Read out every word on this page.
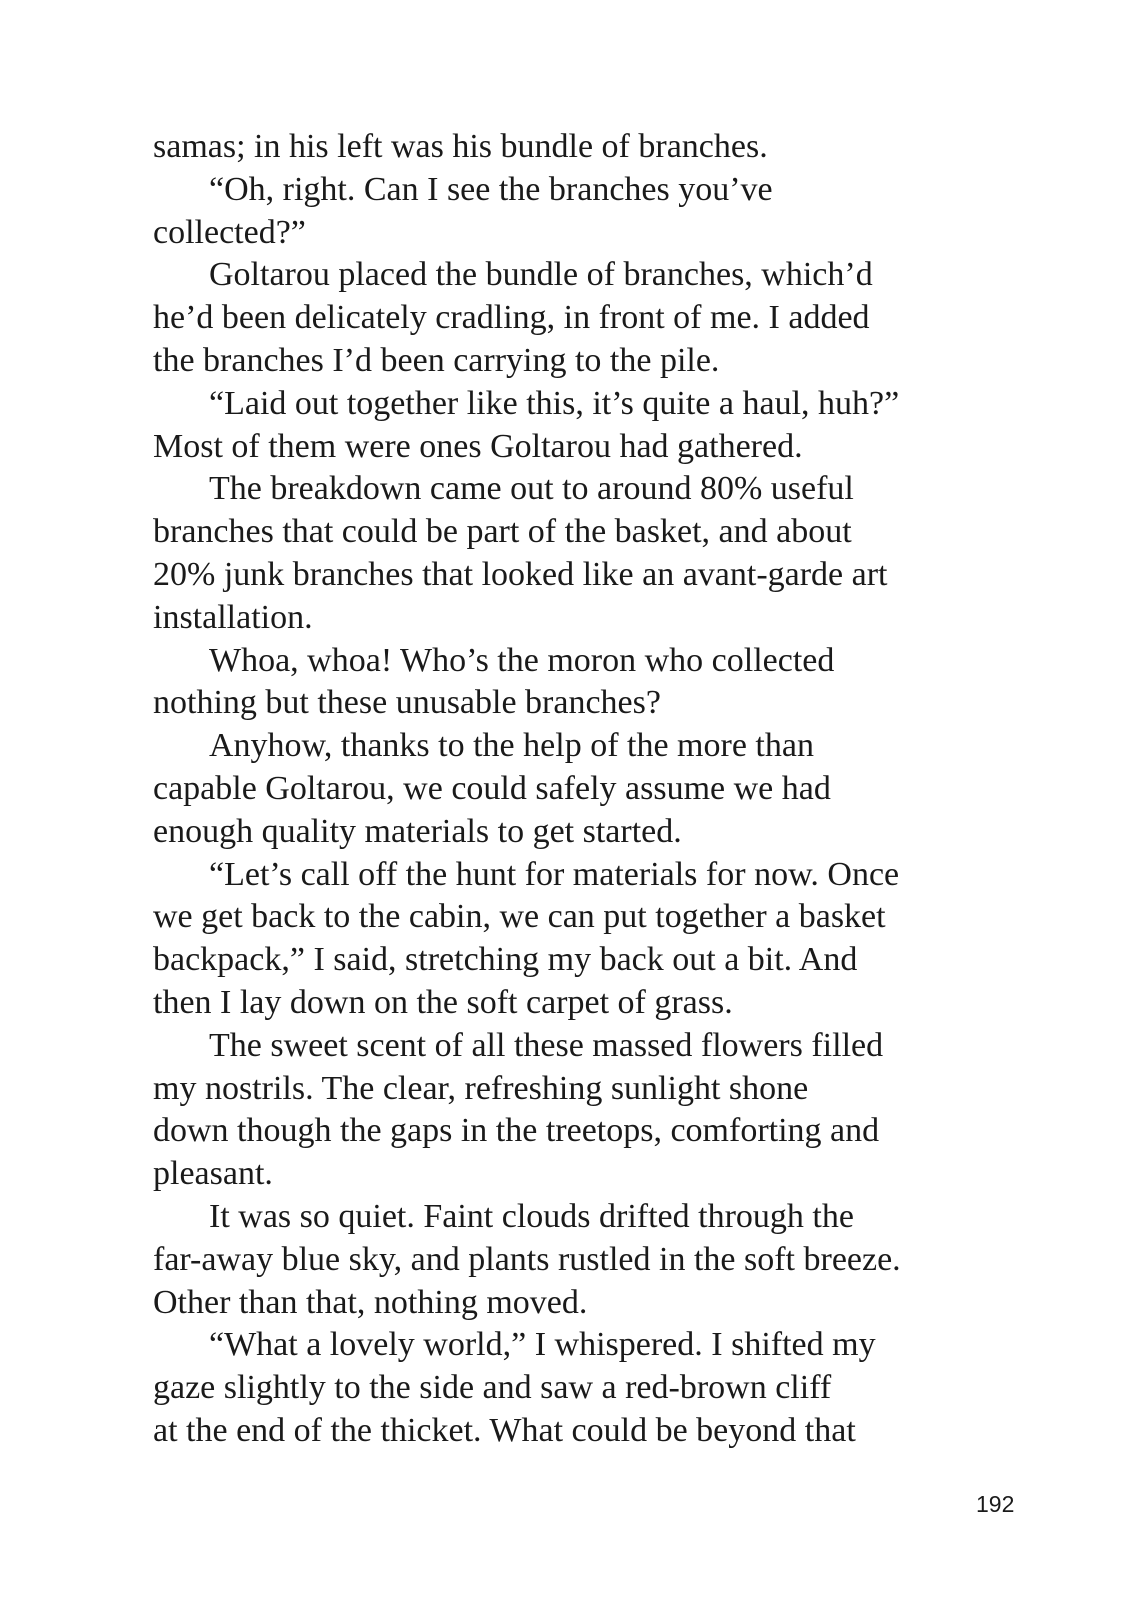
samas; in his left was his bundle of branches.
“Oh, right. Can I see the branches you’ve
collected?”
Goltarou placed the bundle of branches, which’d
he’d been delicately cradling, in front of me. I added
the branches I’d been carrying to the pile.
“Laid out together like this, it’s quite a haul, huh?”
Most of them were ones Goltarou had gathered.
The breakdown came out to around 80% useful
branches that could be part of the basket, and about
20% junk branches that looked like an avant-garde art
installation.
Whoa, whoa! Who’s the moron who collected
nothing but these unusable branches?
Anyhow, thanks to the help of the more than
capable Goltarou, we could safely assume we had
enough quality materials to get started.
“Let’s call off the hunt for materials for now. Once
we get back to the cabin, we can put together a basket
backpack,” I said, stretching my back out a bit. And
then I lay down on the soft carpet of grass.
The sweet scent of all these massed flowers filled
my nostrils. The clear, refreshing sunlight shone
down though the gaps in the treetops, comforting and
pleasant.
It was so quiet. Faint clouds drifted through the
far-away blue sky, and plants rustled in the soft breeze.
Other than that, nothing moved.
“What a lovely world,” I whispered. I shifted my
gaze slightly to the side and saw a red-brown cliff
at the end of the thicket. What could be beyond that
192
